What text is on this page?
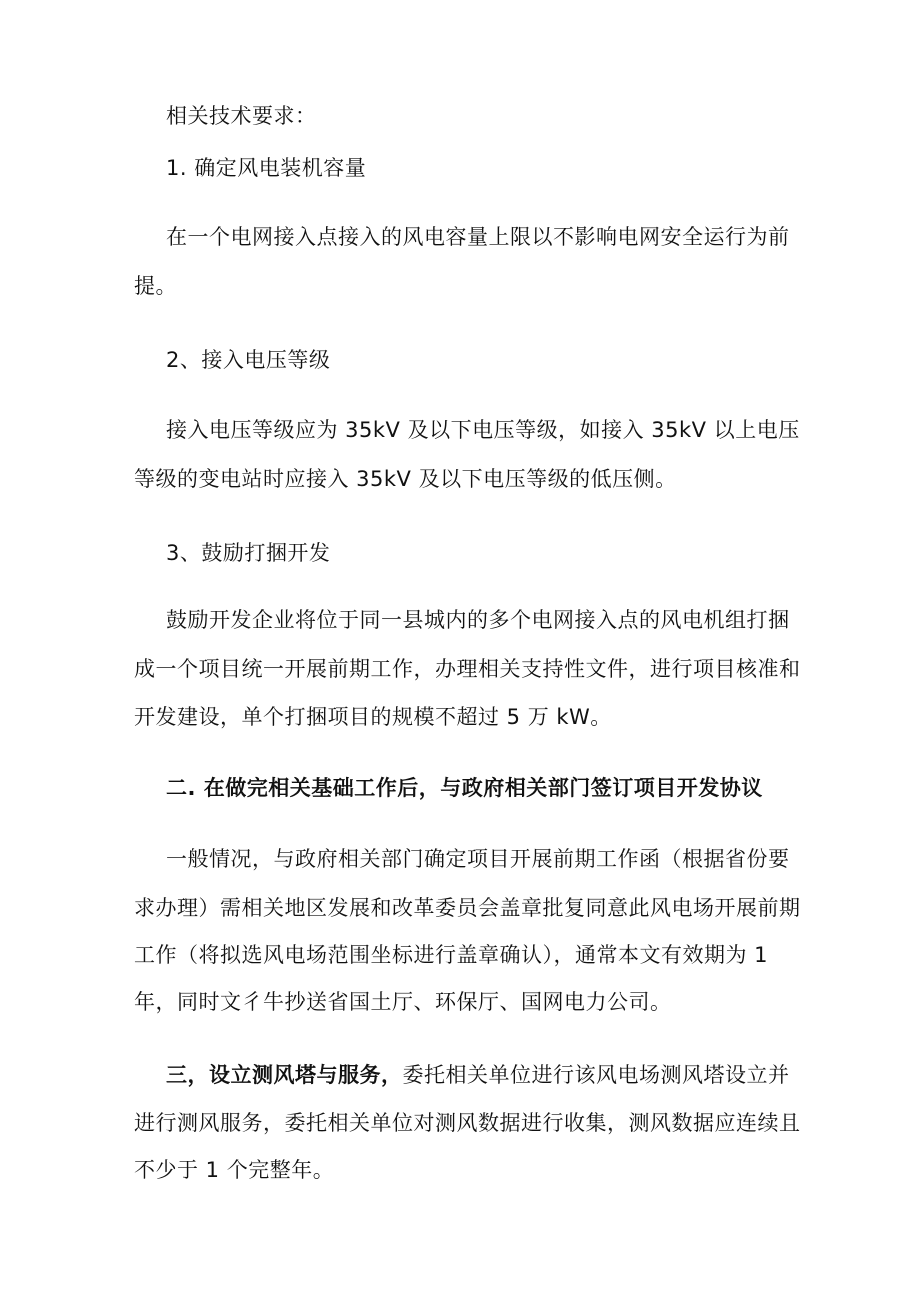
相关技术要求：
1. 确定风电装机容量
在一个电网接入点接入的风电容量上限以不影响电网安全运行为前
提。
2、接入电压等级
接入电压等级应为 35kV 及以下电压等级，如接入 35kV 以上电压
等级的变电站时应接入 35kV 及以下电压等级的低压侧。
3、鼓励打捆开发
鼓励开发企业将位于同一县城内的多个电网接入点的风电机组打捆
成一个项目统一开展前期工作，办理相关支持性文件，进行项目核准和
开发建设，单个打捆项目的规模不超过 5 万 kW。
二. 在做完相关基础工作后，与政府相关部门签订项目开发协议
一般情况，与政府相关部门确定项目开展前期工作函（根据省份要
求办理）需相关地区发展和改革委员会盖章批复同意此风电场开展前期
工作（将拟选风电场范围坐标进行盖章确认），通常本文有效期为 1
年，同时文彳牛抄送省国土厅、环保厅、国网电力公司。
三，设立测风塔与服务，委托相关单位进行该风电场测风塔设立并
进行测风服务，委托相关单位对测风数据进行收集，测风数据应连续且
不少于 1 个完整年。
